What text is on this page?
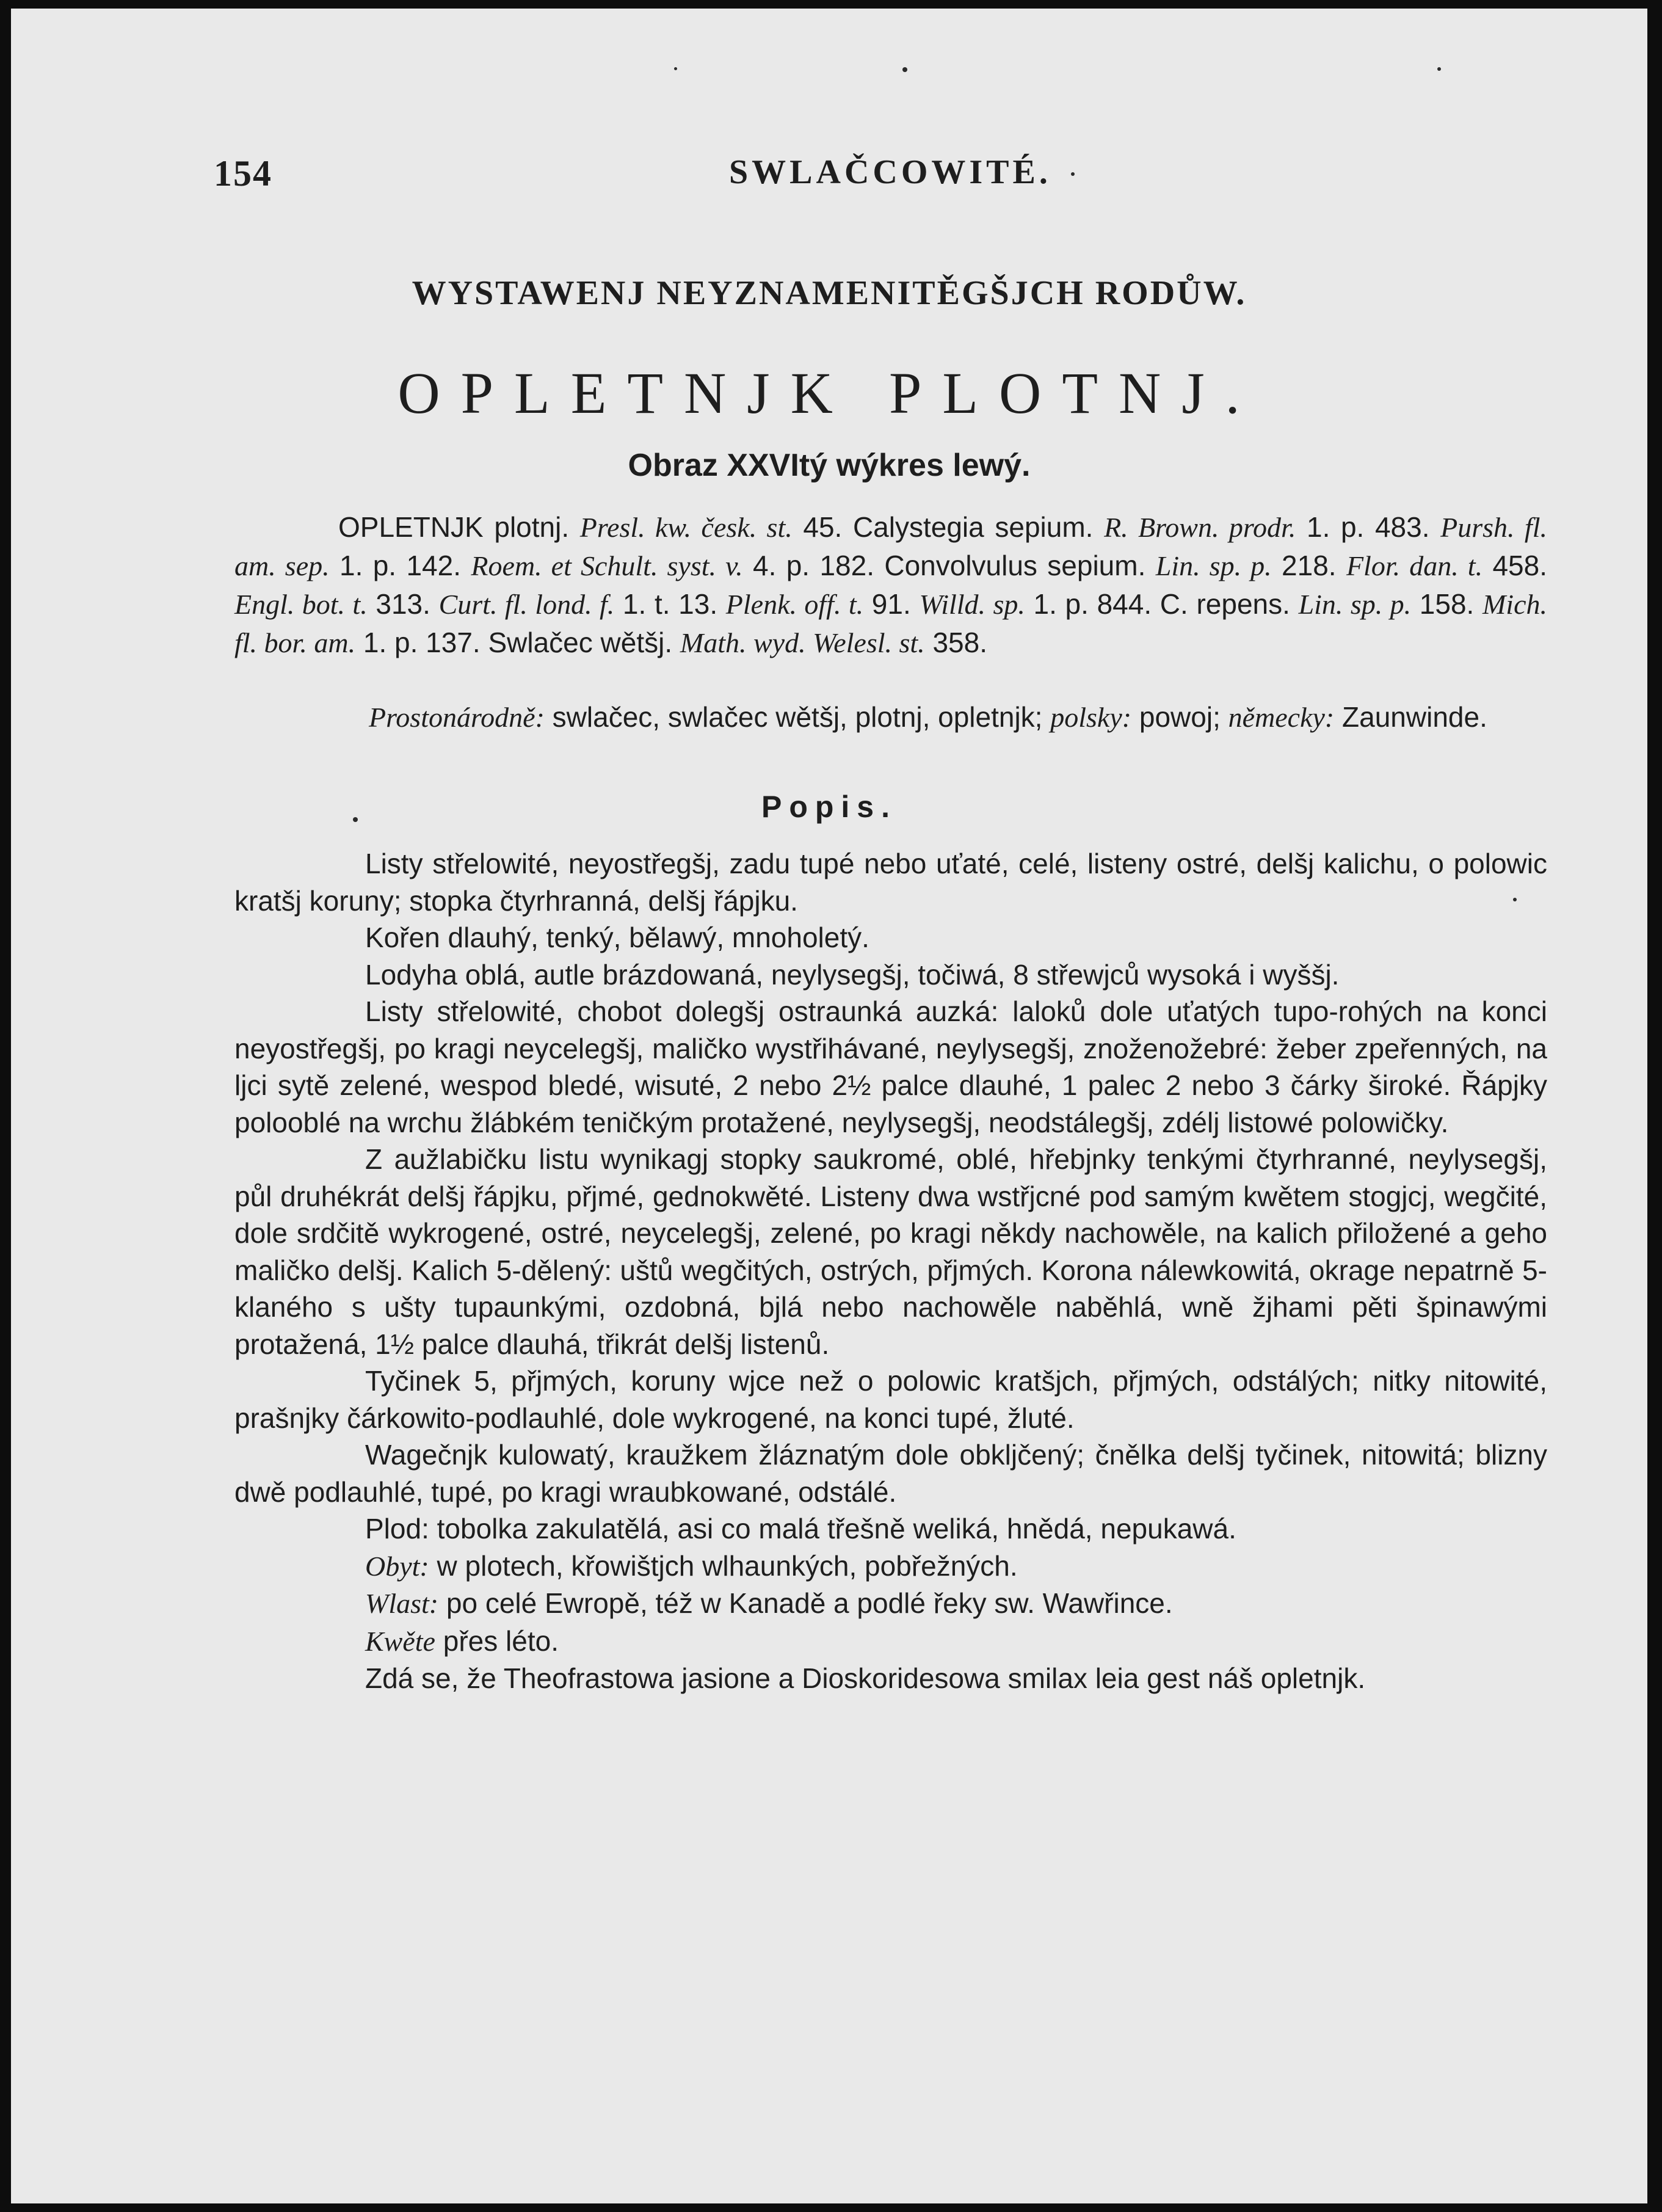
154	SWLAČCOWITÉ.
WYSTAWENJ NEYZNAMENITĚGŠJCH RODŮW.
OPLETNJK PLOTNJ.
Obraz XXVItý wýkres lewý.
OPLETNJK plotnj. Presl. kw. česk. st. 45. Calystegia sepium. R. Brown. prodr. 1. p. 483. Pursh. fl. am. sep. 1. p. 142. Roem. et Schult. syst. v. 4. p. 182. Convolvulus sepium. Lin. sp. p. 218. Flor. dan. t. 458. Engl. bot. t. 313. Curt. fl. lond. f. 1. t. 13. Plenk. off. t. 91. Willd. sp. 1. p. 844. C. repens. Lin. sp. p. 158. Mich. fl. bor. am. 1. p. 137. Swlačec wětšj. Math. wyd. Welesl. st. 358.
Prostonárodně: swlačec, swlačec wětšj, plotnj, opletnjk; polsky: powoj; německy: Zaunwinde.
Popis.

Listy střelowité, neyostřegšj, zadu tupé nebo uťaté, celé, listeny ostré, delšj kalichu, o polowic kratšj koruny; stopka čtyrhranná, delšj řápjku.

Kořen dlauhý, tenký, bělawý, mnoholetý.

Lodyha oblá, autle brázdowaná, neylysegšj, točiwá, 8 střewjců wysoká i wyššj.

Listy střelowité, chobot dolegšj ostraunká auzká: laloků dole uťatých tupo-rohých na konci neyostřegšj, po kragi neycelegšj, maličko wystřihávané, neylysegšj, znoženožebré: žeber zpeřenných, na ljci sytě zelené, wespod bledé, wisuté, 2 nebo 2½ palce dlauhé, 1 palec 2 nebo 3 čárky široké. Řápjky polooblé na wrchu žlábkém teničkým protažené, neylysegšj, neodstálegšj, zdélj listowé polowičky.

Z aužlabičku listu wynikagj stopky saukromé, oblé, hřebjnky tenkými čtyrhranné, neylysegšj, půl druhékrát delšj řápjku, přjmé, gednokwěté. Listeny dwa wstřjcné pod samým kwětem stogjcj, wegčité, dole srdčitě wykrogené, ostré, neycelegšj, zelené, po kragi někdy nachowěle, na kalich přiložené a geho maličko delšj. Kalich 5-dělený: uštů wegčitých, ostrých, přjmých. Korona nálewkowitá, okrage nepatrně 5-klaného s ušty tupaunkými, ozdobná, bjlá nebo nachowěle naběhlá, wně žjhami pěti špinawými protažená, 1½ palce dlauhá, třikrát delšj listenů.

Tyčinek 5, přjmých, koruny wjce než o polowic kratšjch, přjmých, odstálých; nitky nitowité, prašnjky čárkowito-podlauhlé, dole wykrogené, na konci tupé, žluté.

Wagečnjk kulowatý, kraužkem žláznatým dole obkljčený; čnělka delšj tyčinek, nitowitá; blizny dwě podlauhlé, tupé, po kragi wraubkowané, odstálé.

Plod: tobolka zakulatělá, asi co malá třešně weliká, hnědá, nepukawá.

Obyt: w plotech, křowištjch wlhaunkých, pobřežných.

Wlast: po celé Ewropě, též w Kanadě a podlé řeky sw. Wawřince.

Kwěte přes léto.

Zdá se, že Theofrastowa jasione a Dioskoridesowa smilax leia gest náš opletnjk.
